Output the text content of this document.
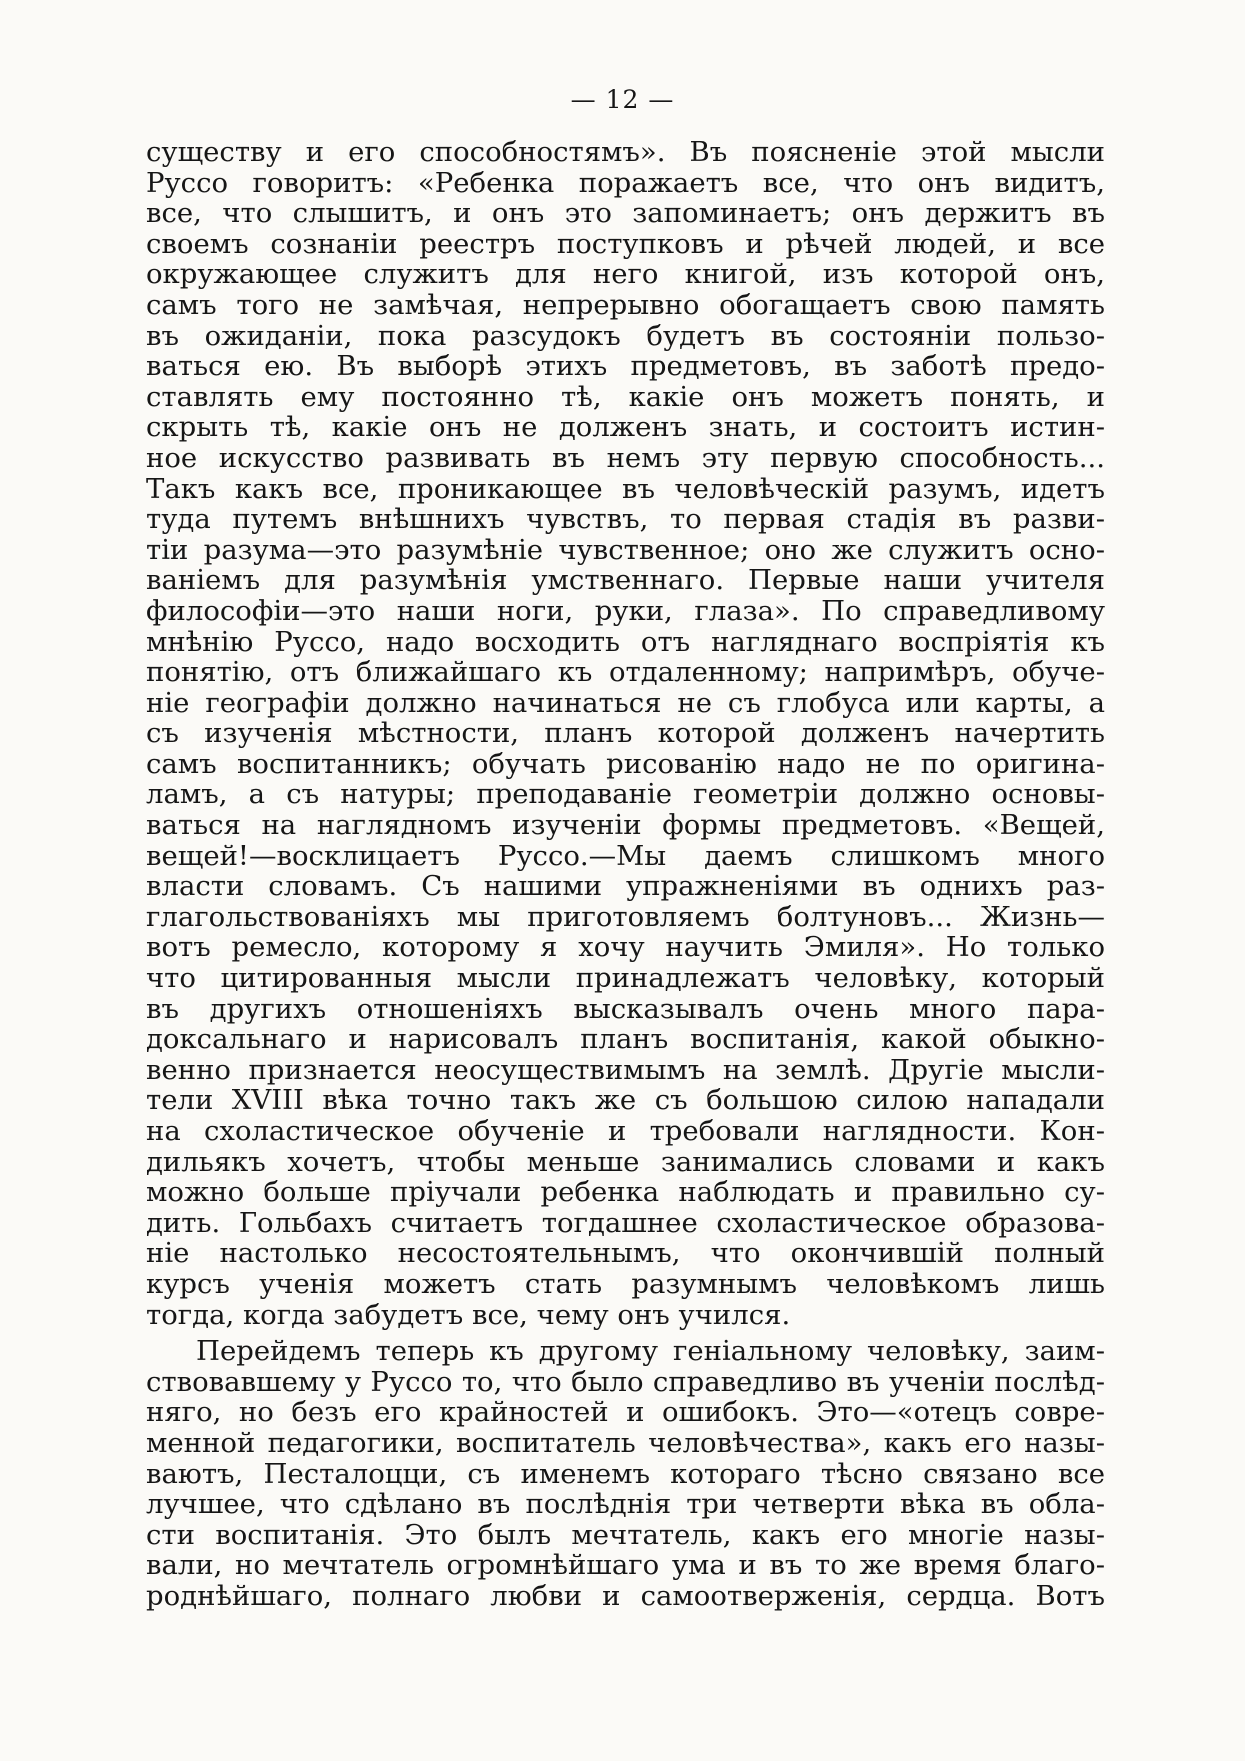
— 12 —
существу и его способностямъ». Въ поясненіе этой мысли
Руссо говоритъ: «Ребенка поражаетъ все, что онъ видитъ,
все, что слышитъ, и онъ это запоминаетъ; онъ держитъ въ
своемъ сознаніи реестръ поступковъ и рѣчей людей, и все
окружающее служитъ для него книгой, изъ которой онъ,
самъ того не замѣчая, непрерывно обогащаетъ свою память
въ ожиданіи, пока разсудокъ будетъ въ состояніи пользо-
ваться ею. Въ выборѣ этихъ предметовъ, въ заботѣ предо-
ставлять ему постоянно тѣ, какіе онъ можетъ понять, и
скрыть тѣ, какіе онъ не долженъ знать, и состоитъ истин-
ное искусство развивать въ немъ эту первую способность...
Такъ какъ все, проникающее въ человѣческій разумъ, идетъ
туда путемъ внѣшнихъ чувствъ, то первая стадія въ разви-
тіи разума—это разумѣніе чувственное; оно же служитъ осно-
ваніемъ для разумѣнія умственнаго. Первые наши учителя
философіи—это наши ноги, руки, глаза». По справедливому
мнѣнію Руссо, надо восходить отъ нагляднаго воспріятія къ
понятію, отъ ближайшаго къ отдаленному; напримѣръ, обуче-
ніе географіи должно начинаться не съ глобуса или карты, а
съ изученія мѣстности, планъ которой долженъ начертить
самъ воспитанникъ; обучать рисованію надо не по оригина-
ламъ, а съ натуры; преподаваніе геометріи должно основы-
ваться на наглядномъ изученіи формы предметовъ. «Вещей,
вещей!—восклицаетъ Руссо.—Мы даемъ слишкомъ много
власти словамъ. Съ нашими упражненіями въ однихъ раз-
глагольствованіяхъ мы приготовляемъ болтуновъ... Жизнь—
вотъ ремесло, которому я хочу научить Эмиля». Но только
что цитированныя мысли принадлежатъ человѣку, который
въ другихъ отношеніяхъ высказывалъ очень много пара-
доксальнаго и нарисовалъ планъ воспитанія, какой обыкно-
венно признается неосуществимымъ на землѣ. Другіе мысли-
тели XVIII вѣка точно такъ же съ большою силою нападали
на схоластическое обученіе и требовали наглядности. Кон-
дильякъ хочетъ, чтобы меньше занимались словами и какъ
можно больше пріучали ребенка наблюдать и правильно су-
дить. Гольбахъ считаетъ тогдашнее схоластическое образова-
ніе настолько несостоятельнымъ, что окончившій полный
курсъ ученія можетъ стать разумнымъ человѣкомъ лишь
тогда, когда забудетъ все, чему онъ учился.
Перейдемъ теперь къ другому геніальному человѣку, заим-
ствовавшему у Руссо то, что было справедливо въ ученіи послѣд-
няго, но безъ его крайностей и ошибокъ. Это—«отецъ совре-
менной педагогики, воспитатель человѣчества», какъ его назы-
ваютъ, Песталоцци, съ именемъ котораго тѣсно связано все
лучшее, что сдѣлано въ послѣднія три четверти вѣка въ обла-
сти воспитанія. Это былъ мечтатель, какъ его многіе назы-
вали, но мечтатель огромнѣйшаго ума и въ то же время благо-
роднѣйшаго, полнаго любви и самоотверженія, сердца. Вотъ
